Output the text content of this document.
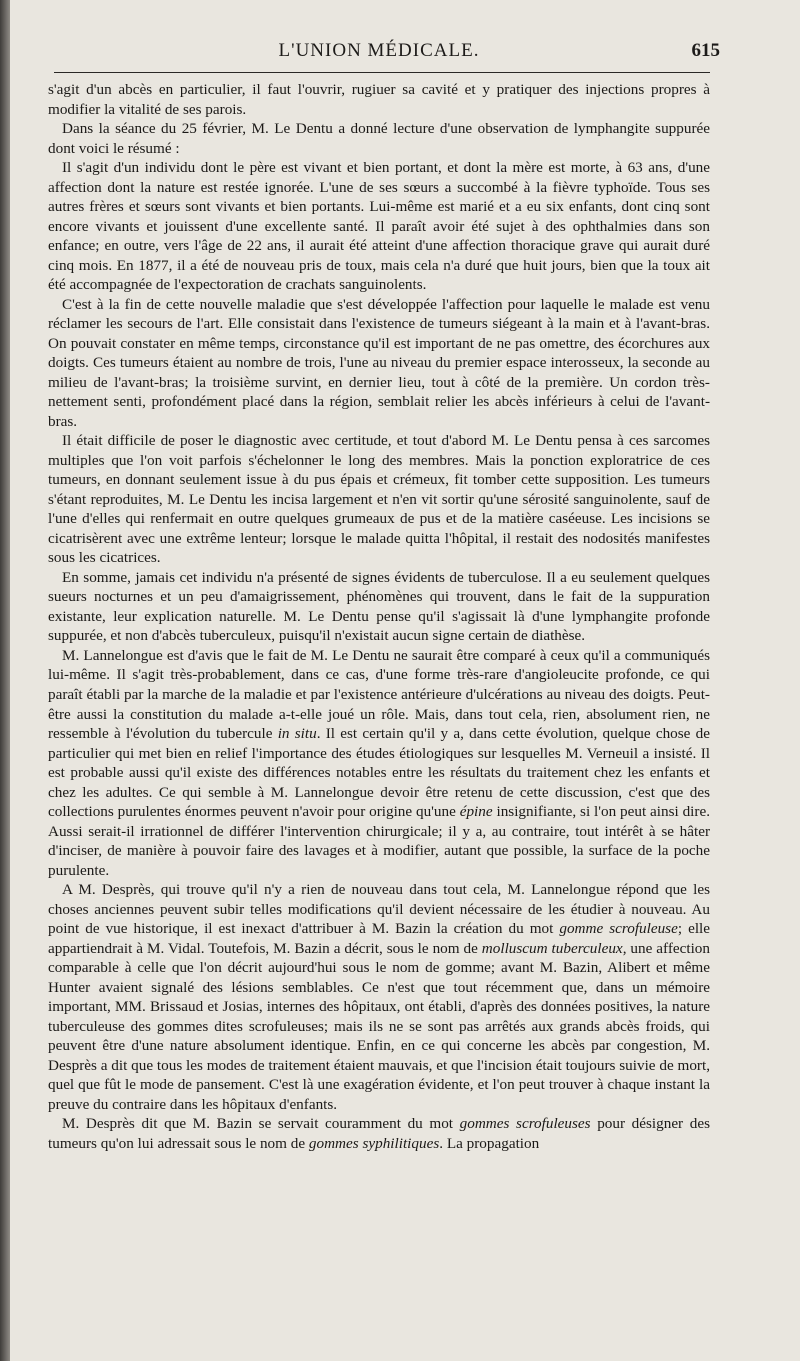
L'UNION MÉDICALE.	615

s'agit d'un abcès en particulier, il faut l'ouvrir, rugiuer sa cavité et y pratiquer des injections propres à modifier la vitalité de ses parois.

Dans la séance du 25 février, M. Le Dentu a donné lecture d'une observation de lymphangite suppurée dont voici le résumé :

Il s'agit d'un individu dont le père est vivant et bien portant, et dont la mère est morte, à 63 ans, d'une affection dont la nature est restée ignorée. L'une de ses sœurs a succombé à la fièvre typhoïde. Tous ses autres frères et sœurs sont vivants et bien portants. Lui-même est marié et a eu six enfants, dont cinq sont encore vivants et jouissent d'une excellente santé. Il paraît avoir été sujet à des ophthalmies dans son enfance; en outre, vers l'âge de 22 ans, il aurait été atteint d'une affection thoracique grave qui aurait duré cinq mois. En 1877, il a été de nouveau pris de toux, mais cela n'a duré que huit jours, bien que la toux ait été accompagnée de l'expectoration de crachats sanguinolents.

C'est à la fin de cette nouvelle maladie que s'est développée l'affection pour laquelle le malade est venu réclamer les secours de l'art. Elle consistait dans l'existence de tumeurs siégeant à la main et à l'avant-bras. On pouvait constater en même temps, circonstance qu'il est important de ne pas omettre, des écorchures aux doigts. Ces tumeurs étaient au nombre de trois, l'une au niveau du premier espace interosseux, la seconde au milieu de l'avant-bras; la troisième survint, en dernier lieu, tout à côté de la première. Un cordon très-nettement senti, profondément placé dans la région, semblait relier les abcès inférieurs à celui de l'avant-bras.

Il était difficile de poser le diagnostic avec certitude, et tout d'abord M. Le Dentu pensa à ces sarcomes multiples que l'on voit parfois s'échelonner le long des membres. Mais la ponction exploratrice de ces tumeurs, en donnant seulement issue à du pus épais et crémeux, fit tomber cette supposition. Les tumeurs s'étant reproduites, M. Le Dentu les incisa largement et n'en vit sortir qu'une sérosité sanguinolente, sauf de l'une d'elles qui renfermait en outre quelques grumeaux de pus et de la matière caséeuse. Les incisions se cicatrisèrent avec une extrême lenteur; lorsque le malade quitta l'hôpital, il restait des nodosités manifestes sous les cicatrices.

En somme, jamais cet individu n'a présenté de signes évidents de tuberculose. Il a eu seulement quelques sueurs nocturnes et un peu d'amaigrissement, phénomènes qui trouvent, dans le fait de la suppuration existante, leur explication naturelle. M. Le Dentu pense qu'il s'agissait là d'une lymphangite profonde suppurée, et non d'abcès tuberculeux, puisqu'il n'existait aucun signe certain de diathèse.

M. Lannelongue est d'avis que le fait de M. Le Dentu ne saurait être comparé à ceux qu'il a communiqués lui-même. Il s'agit très-probablement, dans ce cas, d'une forme très-rare d'angioleucite profonde, ce qui paraît établi par la marche de la maladie et par l'existence antérieure d'ulcérations au niveau des doigts. Peut-être aussi la constitution du malade a-t-elle joué un rôle. Mais, dans tout cela, rien, absolument rien, ne ressemble à l'évolution du tubercule in situ. Il est certain qu'il y a, dans cette évolution, quelque chose de particulier qui met bien en relief l'importance des études étiologiques sur lesquelles M. Verneuil a insisté. Il est probable aussi qu'il existe des différences notables entre les résultats du traitement chez les enfants et chez les adultes. Ce qui semble à M. Lannelongue devoir être retenu de cette discussion, c'est que des collections purulentes énormes peuvent n'avoir pour origine qu'une épine insignifiante, si l'on peut ainsi dire. Aussi serait-il irrationnel de différer l'intervention chirurgicale; il y a, au contraire, tout intérêt à se hâter d'inciser, de manière à pouvoir faire des lavages et à modifier, autant que possible, la surface de la poche purulente.

A M. Desprès, qui trouve qu'il n'y a rien de nouveau dans tout cela, M. Lannelongue répond que les choses anciennes peuvent subir telles modifications qu'il devient nécessaire de les étudier à nouveau. Au point de vue historique, il est inexact d'attribuer à M. Bazin la création du mot gomme scrofuleuse; elle appartiendrait à M. Vidal. Toutefois, M. Bazin a décrit, sous le nom de molluscum tuberculeux, une affection comparable à celle que l'on décrit aujourd'hui sous le nom de gomme; avant M. Bazin, Alibert et même Hunter avaient signalé des lésions semblables. Ce n'est que tout récemment que, dans un mémoire important, MM. Brissaud et Josias, internes des hôpitaux, ont établi, d'après des données positives, la nature tuberculeuse des gommes dites scrofuleuses; mais ils ne se sont pas arrêtés aux grands abcès froids, qui peuvent être d'une nature absolument identique. Enfin, en ce qui concerne les abcès par congestion, M. Desprès a dit que tous les modes de traitement étaient mauvais, et que l'incision était toujours suivie de mort, quel que fût le mode de pansement. C'est là une exagération évidente, et l'on peut trouver à chaque instant la preuve du contraire dans les hôpitaux d'enfants.

M. Desprès dit que M. Bazin se servait couramment du mot gommes scrofuleuses pour désigner des tumeurs qu'on lui adressait sous le nom de gommes syphilitiques. La propagation
